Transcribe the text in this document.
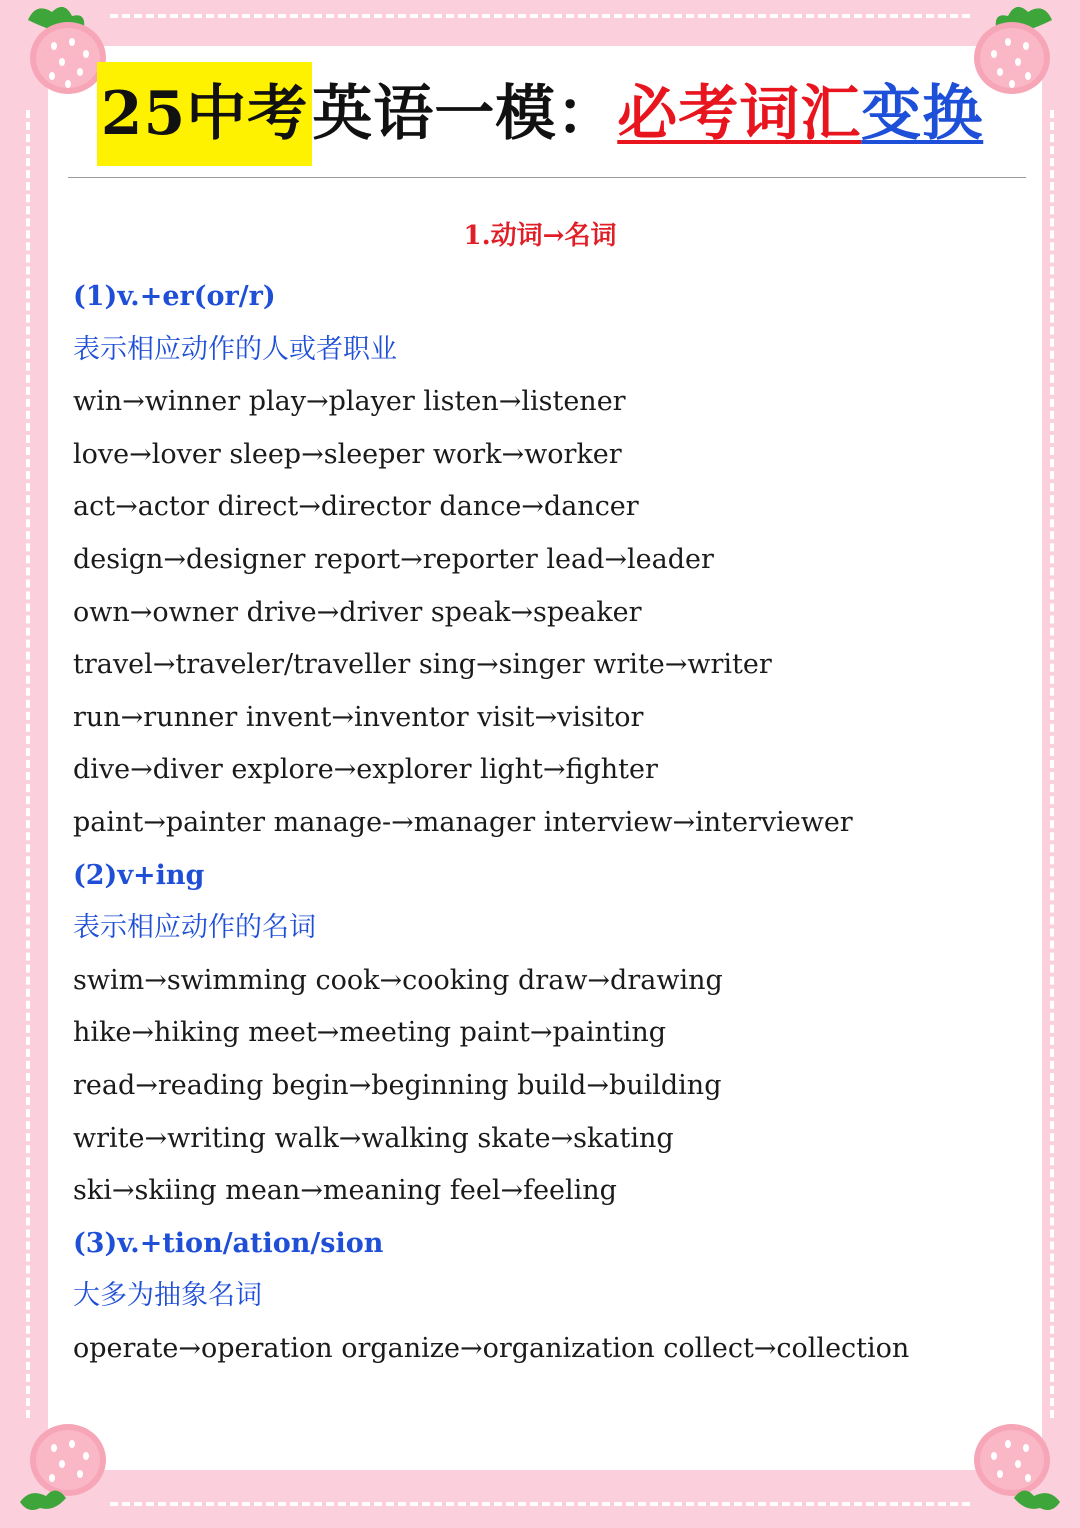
25中考英语一模：必考词汇变换
1.动词→名词
(1)v.+er(or/r)
表示相应动作的人或者职业
win→winner play→player listen→listener
love→lover sleep→sleeper work→worker
act→actor direct→director dance→dancer
design→designer report→reporter lead→leader
own→owner drive→driver speak→speaker
travel→traveler/traveller sing→singer write→writer
run→runner invent→inventor visit→visitor
dive→diver explore→explorer light→fighter
paint→painter manage-→manager interview→interviewer
(2)v+ing
表示相应动作的名词
swim→swimming cook→cooking draw→drawing
hike→hiking meet→meeting paint→painting
read→reading begin→beginning build→building
write→writing walk→walking skate→skating
ski→skiing mean→meaning feel→feeling
(3)v.+tion/ation/sion
大多为抽象名词
operate→operation organize→organization collect→collection
